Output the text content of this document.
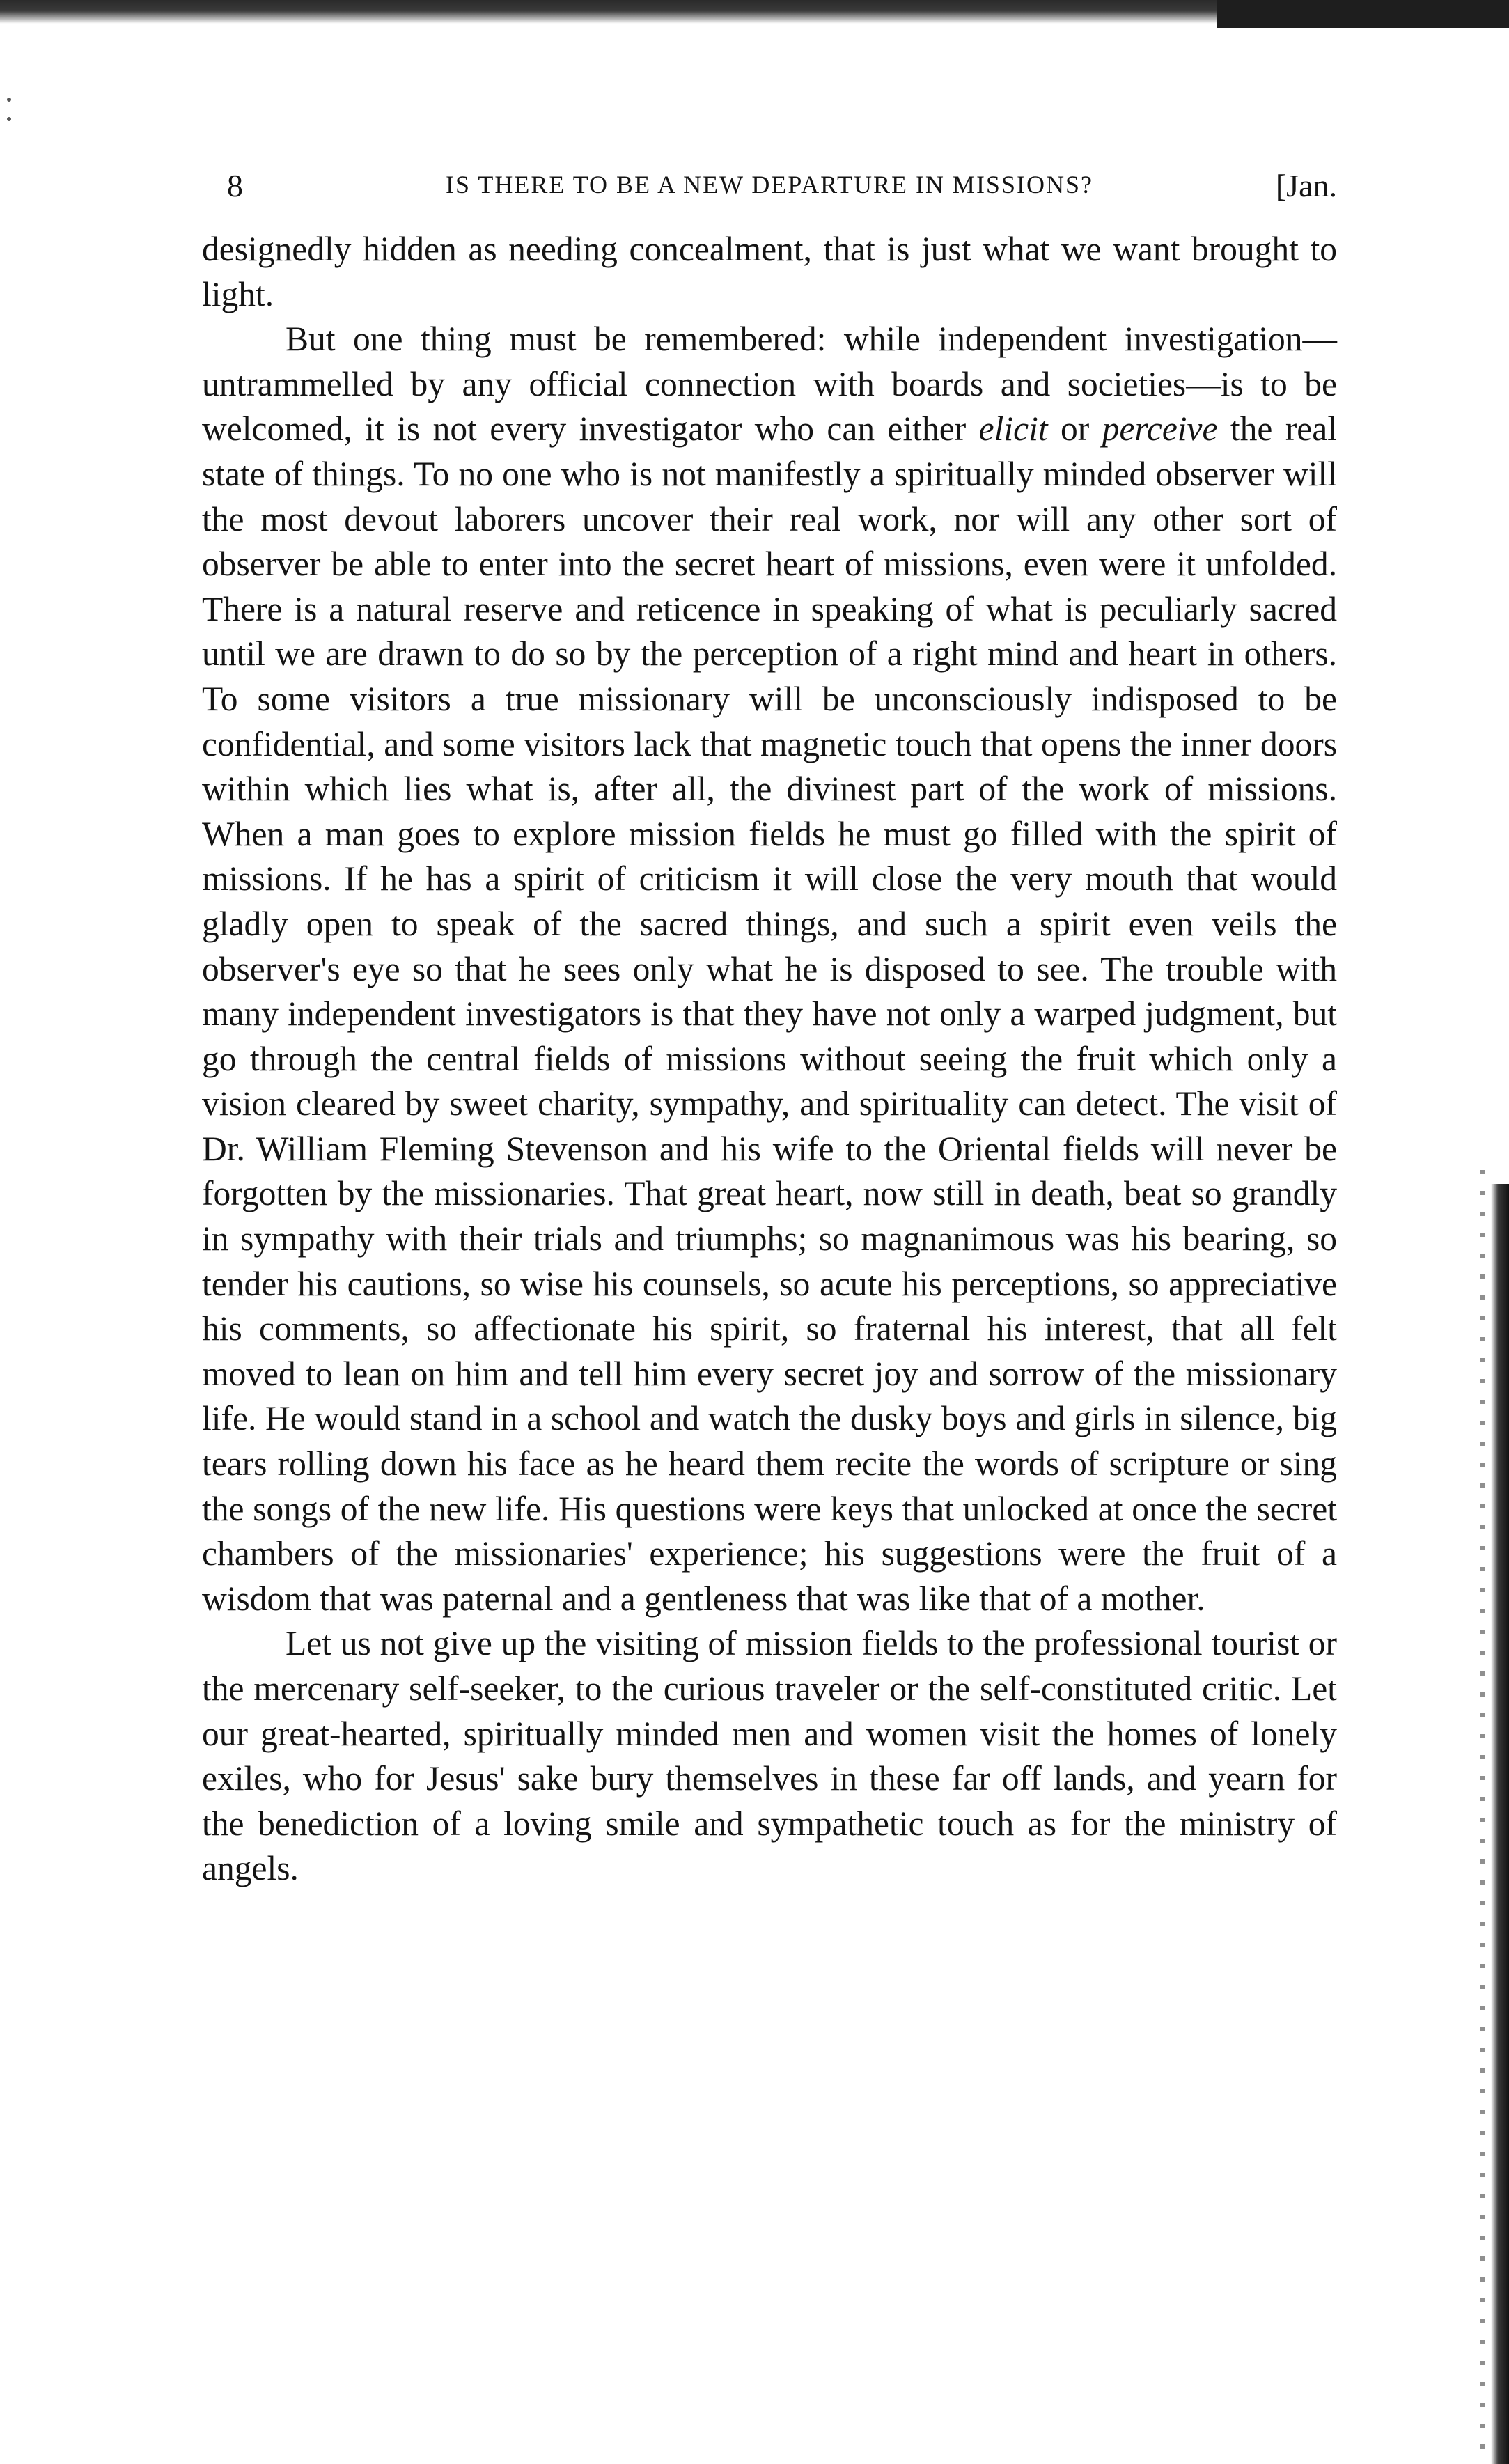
8	IS THERE TO BE A NEW DEPARTURE IN MISSIONS?	[Jan.

designedly hidden as needing concealment, that is just what we want brought to light.

But one thing must be remembered: while independent investigation—untrammelled by any official connection with boards and societies—is to be welcomed, it is not every investigator who can either elicit or perceive the real state of things. To no one who is not manifestly a spiritually minded observer will the most devout laborers uncover their real work, nor will any other sort of observer be able to enter into the secret heart of missions, even were it unfolded. There is a natural reserve and reticence in speaking of what is peculiarly sacred until we are drawn to do so by the perception of a right mind and heart in others. To some visitors a true missionary will be unconsciously indisposed to be confidential, and some visitors lack that magnetic touch that opens the inner doors within which lies what is, after all, the divinest part of the work of missions. When a man goes to explore mission fields he must go filled with the spirit of missions. If he has a spirit of criticism it will close the very mouth that would gladly open to speak of the sacred things, and such a spirit even veils the observer's eye so that he sees only what he is disposed to see. The trouble with many independent investigators is that they have not only a warped judgment, but go through the central fields of missions without seeing the fruit which only a vision cleared by sweet charity, sympathy, and spirituality can detect. The visit of Dr. William Fleming Stevenson and his wife to the Oriental fields will never be forgotten by the missionaries. That great heart, now still in death, beat so grandly in sympathy with their trials and triumphs; so magnanimous was his bearing, so tender his cautions, so wise his counsels, so acute his perceptions, so appreciative his comments, so affectionate his spirit, so fraternal his interest, that all felt moved to lean on him and tell him every secret joy and sorrow of the missionary life. He would stand in a school and watch the dusky boys and girls in silence, big tears rolling down his face as he heard them recite the words of scripture or sing the songs of the new life. His questions were keys that unlocked at once the secret chambers of the missionaries' experience; his suggestions were the fruit of a wisdom that was paternal and a gentleness that was like that of a mother.

Let us not give up the visiting of mission fields to the professional tourist or the mercenary self-seeker, to the curious traveler or the self-constituted critic. Let our great-hearted, spiritually minded men and women visit the homes of lonely exiles, who for Jesus' sake bury themselves in these far off lands, and yearn for the benediction of a loving smile and sympathetic touch as for the ministry of angels.
